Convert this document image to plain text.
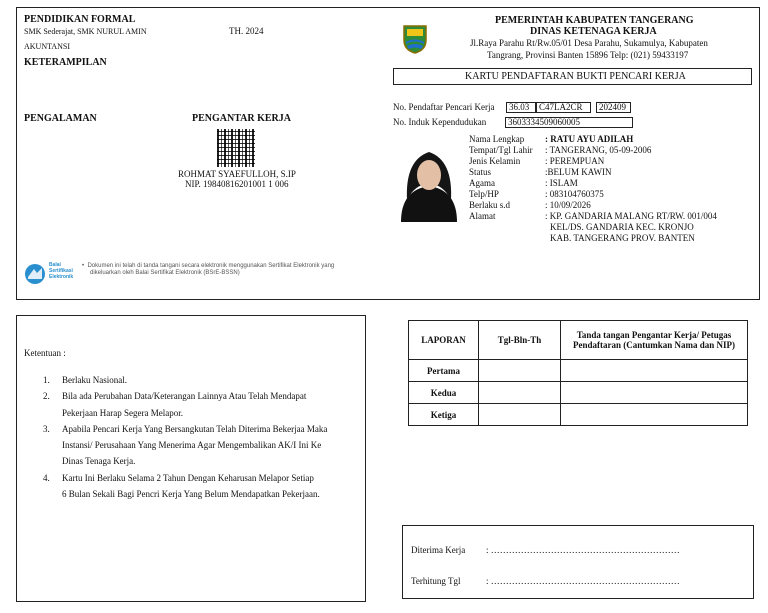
PENDIDIKAN FORMAL
SMK Sederajat, SMK NURUL AMIN	TH. 2024
AKUNTANSI
KETERAMPILAN
PENGALAMAN	PENGANTAR KERJA
ROHMAT SYAEFULLOH, S.IP
NIP. 19840816201001 1 006
Balai
Sertifikasi
Elektronik
•  Dokumen ini telah di tanda tangani secara elektronik menggunakan Sertifikat Elektronik yang
dikeluarkan oleh Balai Sertifikat Elektronik (BSrE-BSSN)
PEMERINTAH KABUPATEN TANGERANG
DINAS KETENAGA KERJA
Jl.Raya Parahu Rt/Rw.05/01 Desa Parahu, Sukamulya, Kabupaten
Tangrang, Provinsi Banten 15896 Telp: (021) 59433197
KARTU PENDAFTARAN BUKTI PENCARI KERJA
No. Pendaftar Pencari Kerja	36.03	C47LA2CR	202409
No. Induk Kependudukan	3603334509060005
Nama Lengkap	: RATU AYU ADILAH
Tempat/Tgl Lahir	: TANGERANG, 05-09-2006
Jenis Kelamin	: PEREMPUAN
Status	:BELUM KAWIN
Agama	: ISLAM
Telp/HP	: 083104760375
Berlaku s.d	: 10/09/2026
Alamat	: KP. GANDARIA MALANG RT/RW. 001/004
KEL/DS. GANDARIA KEC. KRONJO
KAB. TANGERANG PROV. BANTEN
Ketentuan :
1.	Berlaku Nasional.
2.	Bila ada Perubahan Data/Keterangan Lainnya Atau Telah Mendapat
Pekerjaan Harap Segera Melapor.
3.	Apabila Pencari Kerja Yang Bersangkutan Telah Diterima Bekerjaa Maka
Instansi/ Perusahaan Yang Menerima Agar Mengembalikan AK/I Ini Ke
Dinas Tenaga Kerja.
4.	Kartu Ini Berlaku Selama 2 Tahun Dengan Keharusan Melapor Setiap
6 Bulan Sekali Bagi Pencri Kerja Yang Belum Mendapatkan Pekerjaan.
LAPORAN	Tgl-Bln-Th	Tanda tangan Pengantar Kerja/ Petugas Pendaftaran (Cantumkan Nama dan NIP)
Pertama		
Kedua		
Ketiga		
Diterima Kerja : ………………………………………………………
Terhitung Tgl	: ………………………………………………………
